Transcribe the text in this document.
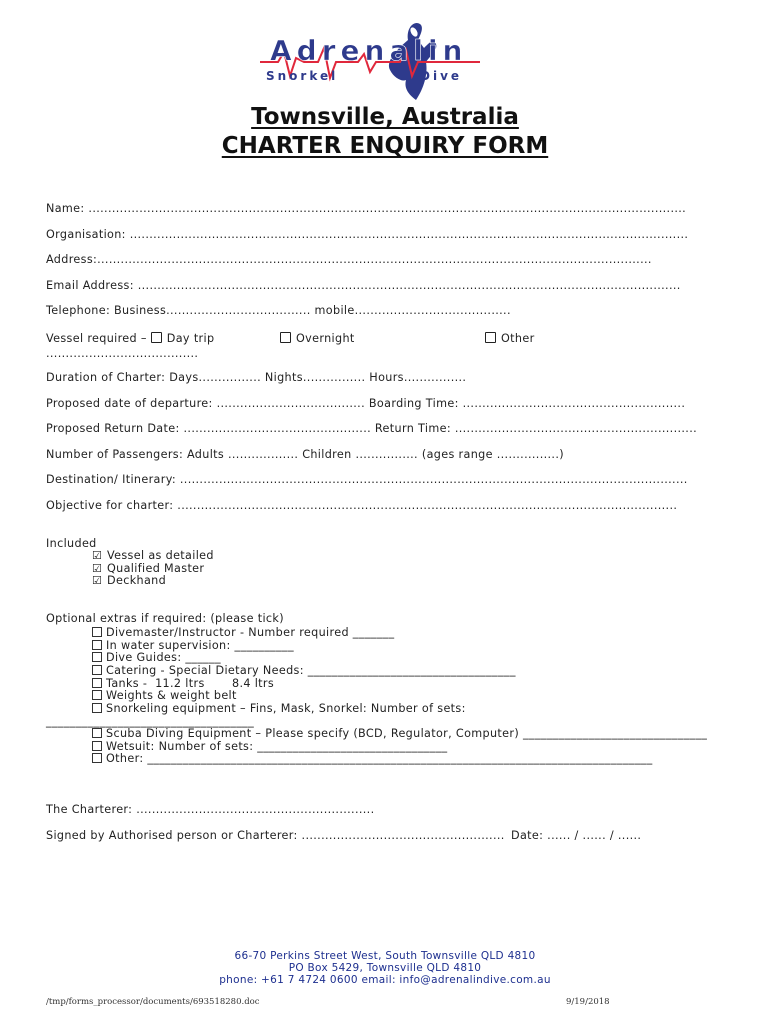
Adrenalin
Snorkel	Dive
Townsville, Australia
CHARTER ENQUIRY FORM
Name: .........................................................................................................................................................
Organisation: ...............................................................................................................................................
Address:..............................................................................................................................................
Email Address: ...........................................................................................................................................
Telephone: Business..................................... mobile........................................
Vessel required – Day trip	Overnight	Other
.......................................
Duration of Charter: Days................ Nights................ Hours................
Proposed date of departure: ...................................... Boarding Time: .........................................................
Proposed Return Date: ................................................ Return Time: ..............................................................
Number of Passengers: Adults .................. Children ................ (ages range ................)
Destination/ Itinerary: ..................................................................................................................................
Objective for charter: ................................................................................................................................
Included
☑ Vessel as detailed
☑ Qualified Master
☑ Deckhand
Optional extras if required: (please tick)
Divemaster/Instructor - Number required _______
In water supervision: __________
Dive Guides: ______
Catering - Special Dietary Needs: ___________________________________
Tanks -  11.2 ltrs       8.4 ltrs
Weights & weight belt
Snorkeling equipment – Fins, Mask, Snorkel: Number of sets:
___________________________________
Scuba Diving Equipment – Please specify (BCD, Regulator, Computer) _______________________________
Wetsuit: Number of sets: ________________________________
Other: _____________________________________________________________________________________
The Charterer: .............................................................
Signed by Authorised person or Charterer: .................................................... Date: ...... / ...... / ......
66-70 Perkins Street West, South Townsville QLD 4810
PO Box 5429, Townsville QLD 4810
phone: +61 7 4724 0600 email: info@adrenalindive.com.au
/tmp/forms_processor/documents/693518280.doc	9/19/2018
